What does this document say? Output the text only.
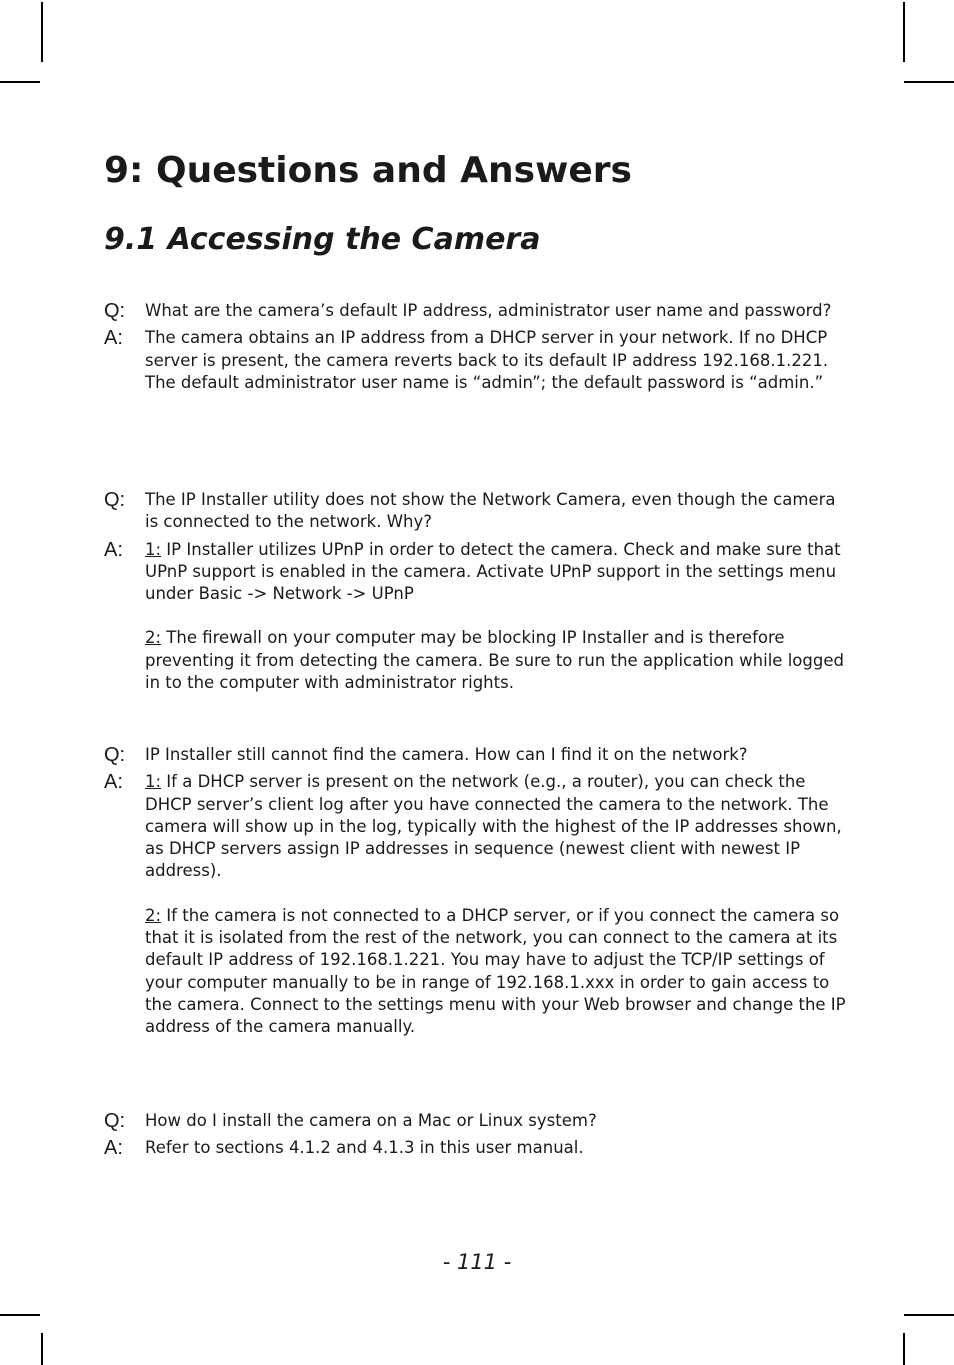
9: Questions and Answers
9.1 Accessing the Camera
Q:	What are the camera’s default IP address, administrator user name and password?
A:	The camera obtains an IP address from a DHCP server in your network. If no DHCP server is present, the camera reverts back to its default IP address 192.168.1.221. The default administrator user name is “admin”; the default password is “admin.”
Q:	The IP Installer utility does not show the Network Camera, even though the camera is connected to the network. Why?
A:	1: IP Installer utilizes UPnP in order to detect the camera. Check and make sure that UPnP support is enabled in the camera. Activate UPnP support in the settings menu under Basic -> Network -> UPnP
2: The firewall on your computer may be blocking IP Installer and is therefore preventing it from detecting the camera. Be sure to run the application while logged in to the computer with administrator rights.
Q:	IP Installer still cannot find the camera. How can I find it on the network?
A:	1: If a DHCP server is present on the network (e.g., a router), you can check the DHCP server’s client log after you have connected the camera to the network. The camera will show up in the log, typically with the highest of the IP addresses shown, as DHCP servers assign IP addresses in sequence (newest client with newest IP address).
2: If the camera is not connected to a DHCP server, or if you connect the camera so that it is isolated from the rest of the network, you can connect to the camera at its default IP address of 192.168.1.221. You may have to adjust the TCP/IP settings of your computer manually to be in range of 192.168.1.xxx in order to gain access to the camera. Connect to the settings menu with your Web browser and change the IP address of the camera manually.
Q:	How do I install the camera on a Mac or Linux system?
A:	Refer to sections 4.1.2 and 4.1.3 in this user manual.
- 111 -
